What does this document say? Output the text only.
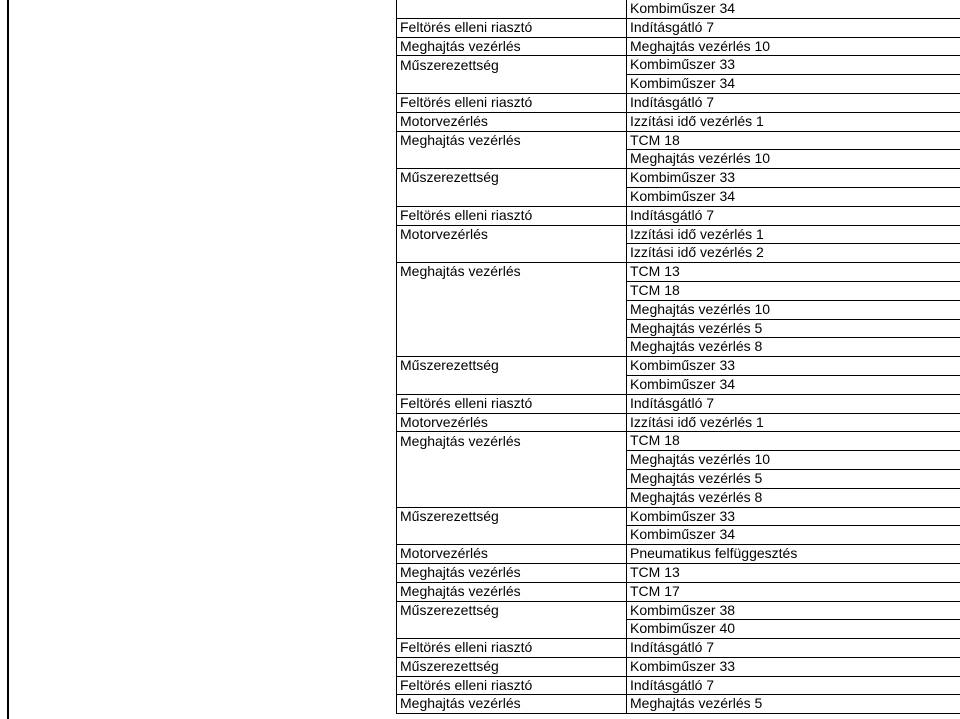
	Kombiműszer 34
Feltörés elleni riasztó	Indításgátló 7
Meghajtás vezérlés	Meghajtás vezérlés 10
Műszerezettség	Kombiműszer 33
	Kombiműszer 34
Feltörés elleni riasztó	Indításgátló 7
Motorvezérlés	Izzítási idő vezérlés 1
Meghajtás vezérlés	TCM 18
	Meghajtás vezérlés 10
Műszerezettség	Kombiműszer 33
	Kombiműszer 34
Feltörés elleni riasztó	Indításgátló 7
Motorvezérlés	Izzítási idő vezérlés 1
	Izzítási idő vezérlés 2
Meghajtás vezérlés	TCM 13
	TCM 18
	Meghajtás vezérlés 10
	Meghajtás vezérlés 5
	Meghajtás vezérlés 8
Műszerezettség	Kombiműszer 33
	Kombiműszer 34
Feltörés elleni riasztó	Indításgátló 7
Motorvezérlés	Izzítási idő vezérlés 1
Meghajtás vezérlés	TCM 18
	Meghajtás vezérlés 10
	Meghajtás vezérlés 5
	Meghajtás vezérlés 8
Műszerezettség	Kombiműszer 33
	Kombiműszer 34
Motorvezérlés	Pneumatikus felfüggesztés
Meghajtás vezérlés	TCM 13
Meghajtás vezérlés	TCM 17
Műszerezettség	Kombiműszer 38
	Kombiműszer 40
Feltörés elleni riasztó	Indításgátló 7
Műszerezettség	Kombiműszer 33
Feltörés elleni riasztó	Indításgátló 7
Meghajtás vezérlés	Meghajtás vezérlés 5
